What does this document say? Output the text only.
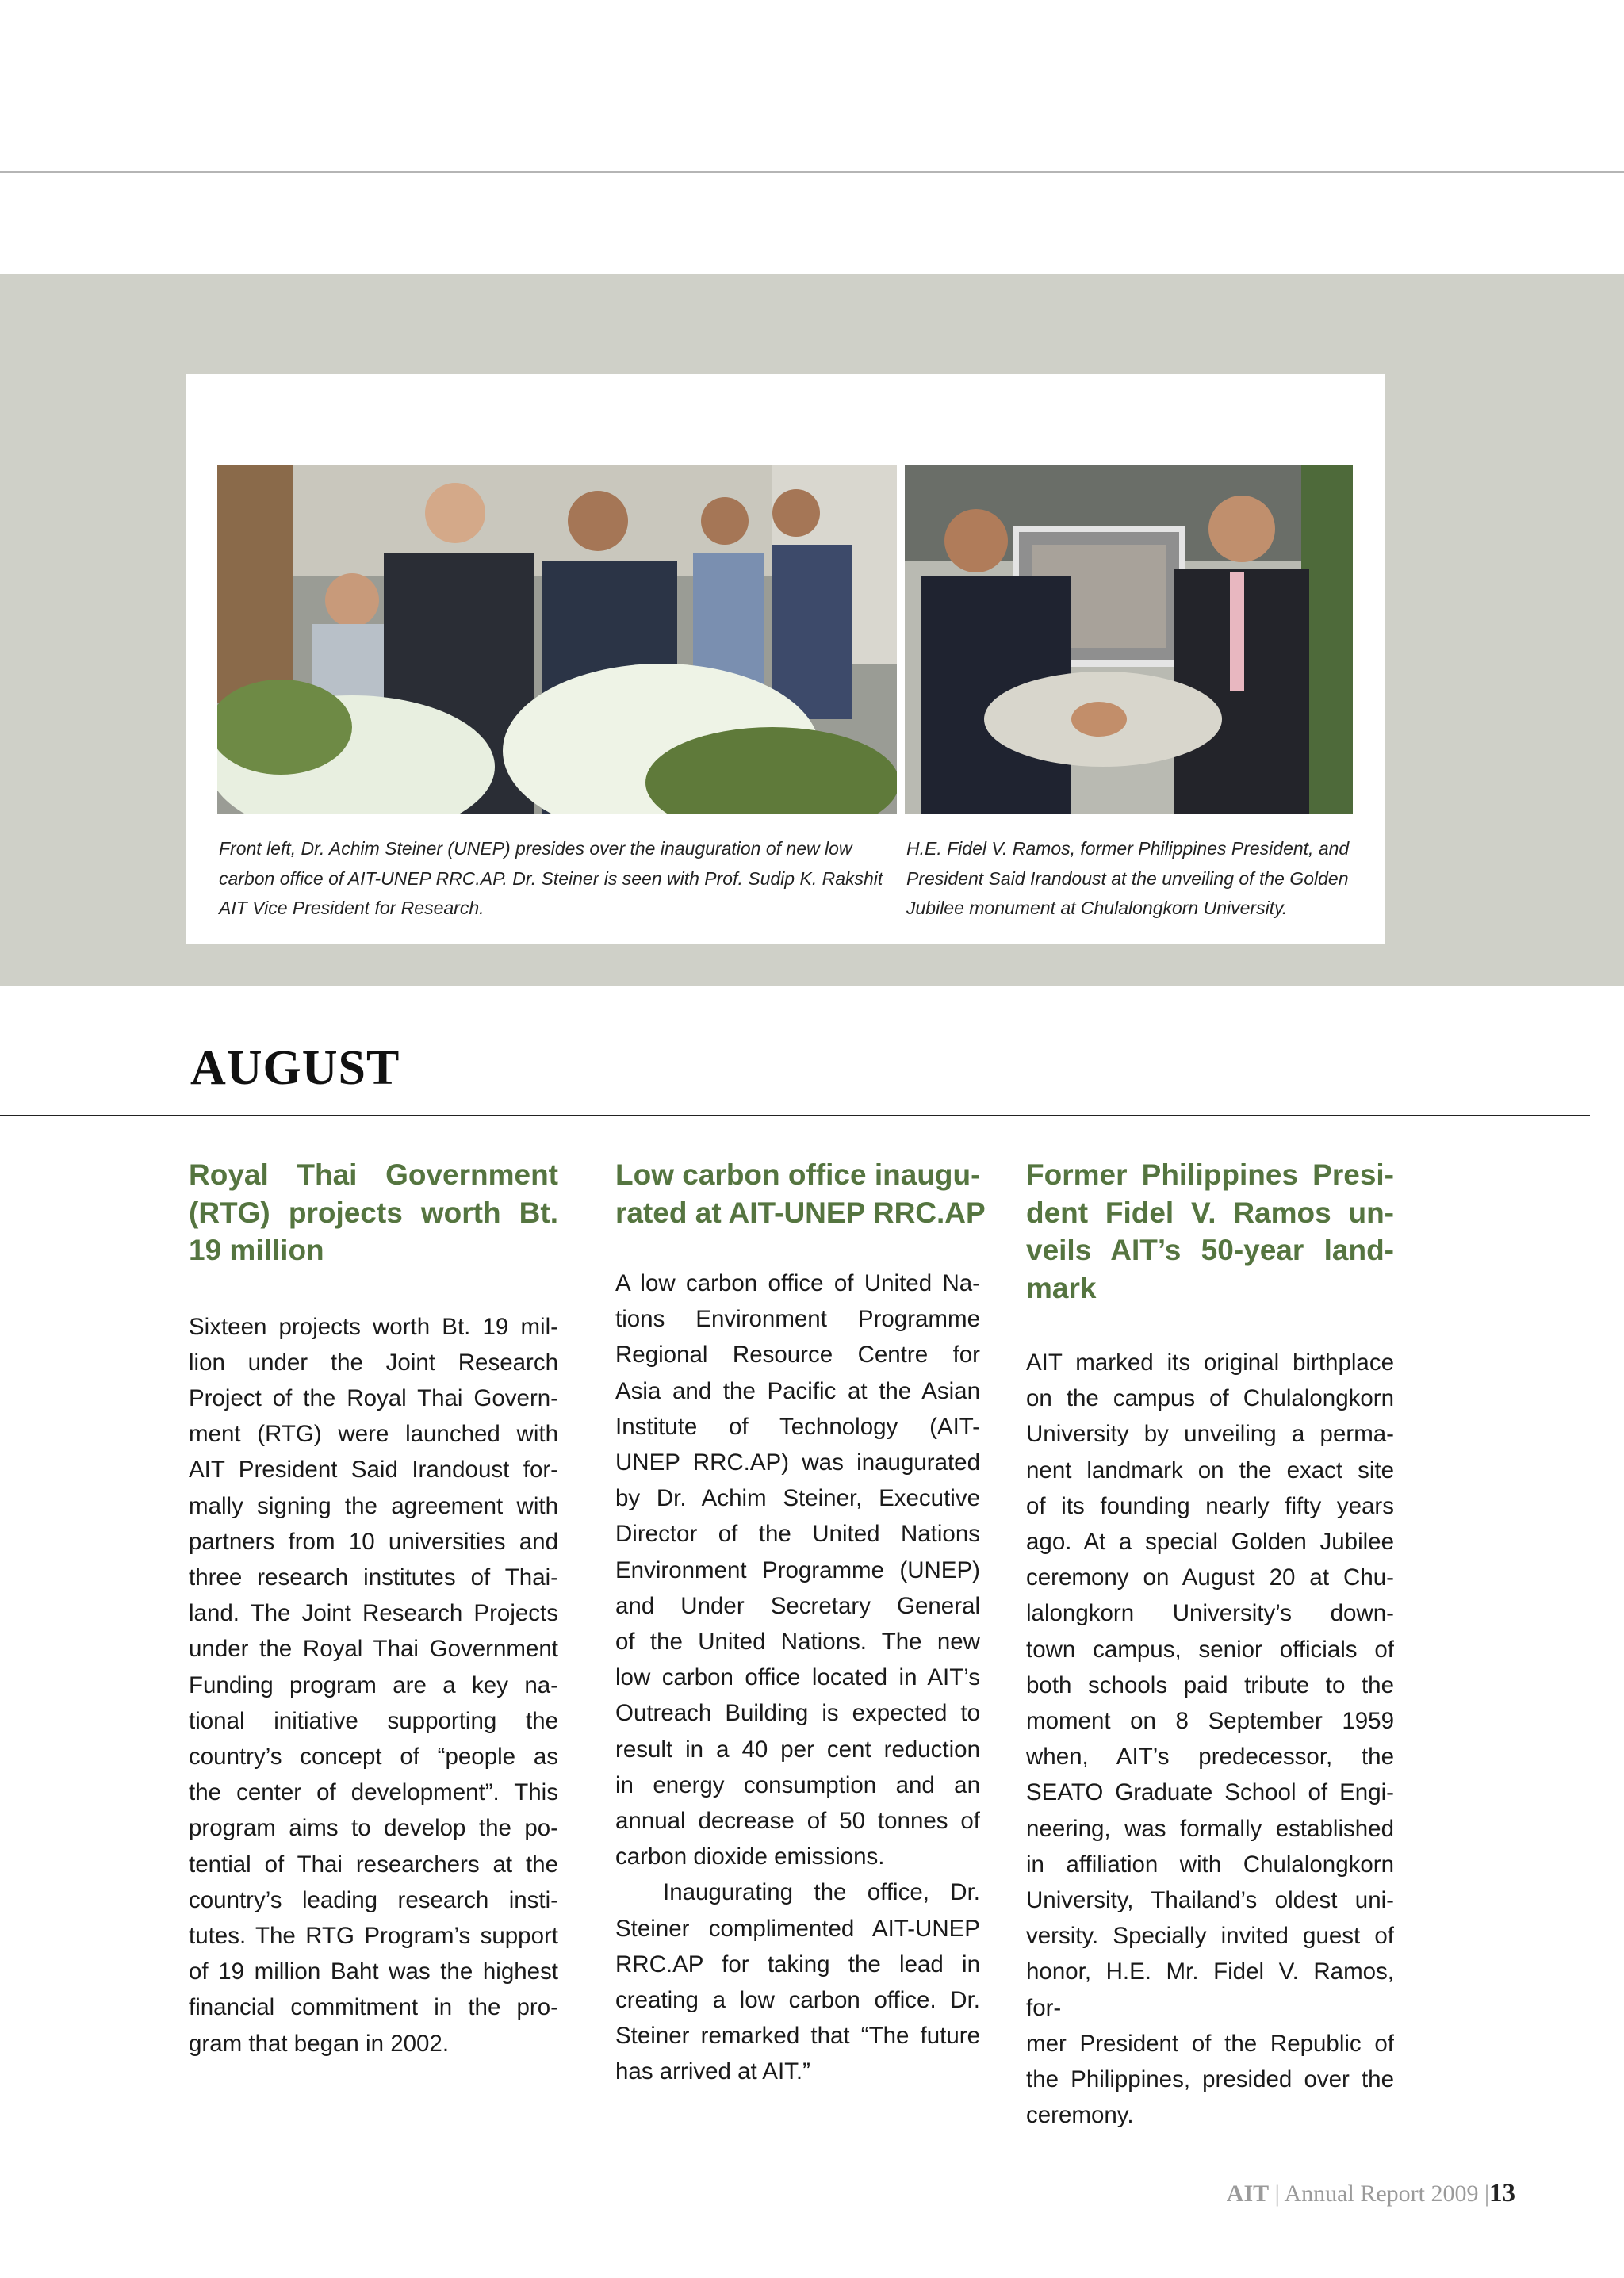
Front left, Dr. Achim Steiner (UNEP) presides over the inauguration of new low
carbon office of AIT-UNEP RRC.AP. Dr. Steiner is seen with Prof. Sudip K. Rakshit
AIT Vice President for Research.
H.E. Fidel V. Ramos, former Philippines President, and
President Said Irandoust at the unveiling of the Golden
Jubilee monument at Chulalongkorn University.
AUGUST
Royal Thai Government
(RTG) projects worth Bt.
19 million

Sixteen projects worth Bt. 19 mil-
lion under the Joint Research
Project of the Royal Thai Govern-
ment (RTG) were launched with
AIT President Said Irandoust for-
mally signing the agreement with
partners from 10 universities and
three research institutes of Thai-
land. The Joint Research Projects
under the Royal Thai Government
Funding program are a key na-
tional initiative supporting the
country’s concept of “people as
the center of development”. This
program aims to develop the po-
tential of Thai researchers at the
country’s leading research insti-
tutes. The RTG Program’s support
of 19 million Baht was the highest
financial commitment in the pro-
gram that began in 2002.

Low carbon office inaugu-
rated at AIT-UNEP RRC.AP

A low carbon office of United Na-
tions Environment Programme
Regional Resource Centre for
Asia and the Pacific at the Asian
Institute of Technology (AIT-
UNEP RRC.AP) was inaugurated
by Dr. Achim Steiner, Executive
Director of the United Nations
Environment Programme (UNEP)
and Under Secretary General
of the United Nations. The new
low carbon office located in AIT’s
Outreach Building is expected to
result in a 40 per cent reduction
in energy consumption and an
annual decrease of 50 tonnes of
carbon dioxide emissions.
Inaugurating the office, Dr.
Steiner complimented AIT-UNEP
RRC.AP for taking the lead in
creating a low carbon office. Dr.
Steiner remarked that “The future
has arrived at AIT.”

Former Philippines Presi-
dent Fidel V. Ramos un-
veils AIT’s 50-year land-
mark

AIT marked its original birthplace
on the campus of Chulalongkorn
University by unveiling a perma-
nent landmark on the exact site
of its founding nearly fifty years
ago. At a special Golden Jubilee
ceremony on August 20 at Chu-
lalongkorn University’s down-
town campus, senior officials of
both schools paid tribute to the
moment on 8 September 1959
when, AIT’s predecessor, the
SEATO Graduate School of Engi-
neering, was formally established
in affiliation with Chulalongkorn
University, Thailand’s oldest uni-
versity. Specially invited guest of
honor, H.E. Mr. Fidel V. Ramos, for-
mer President of the Republic of
the Philippines, presided over the
ceremony.

AIT | Annual Report 2009 |13
